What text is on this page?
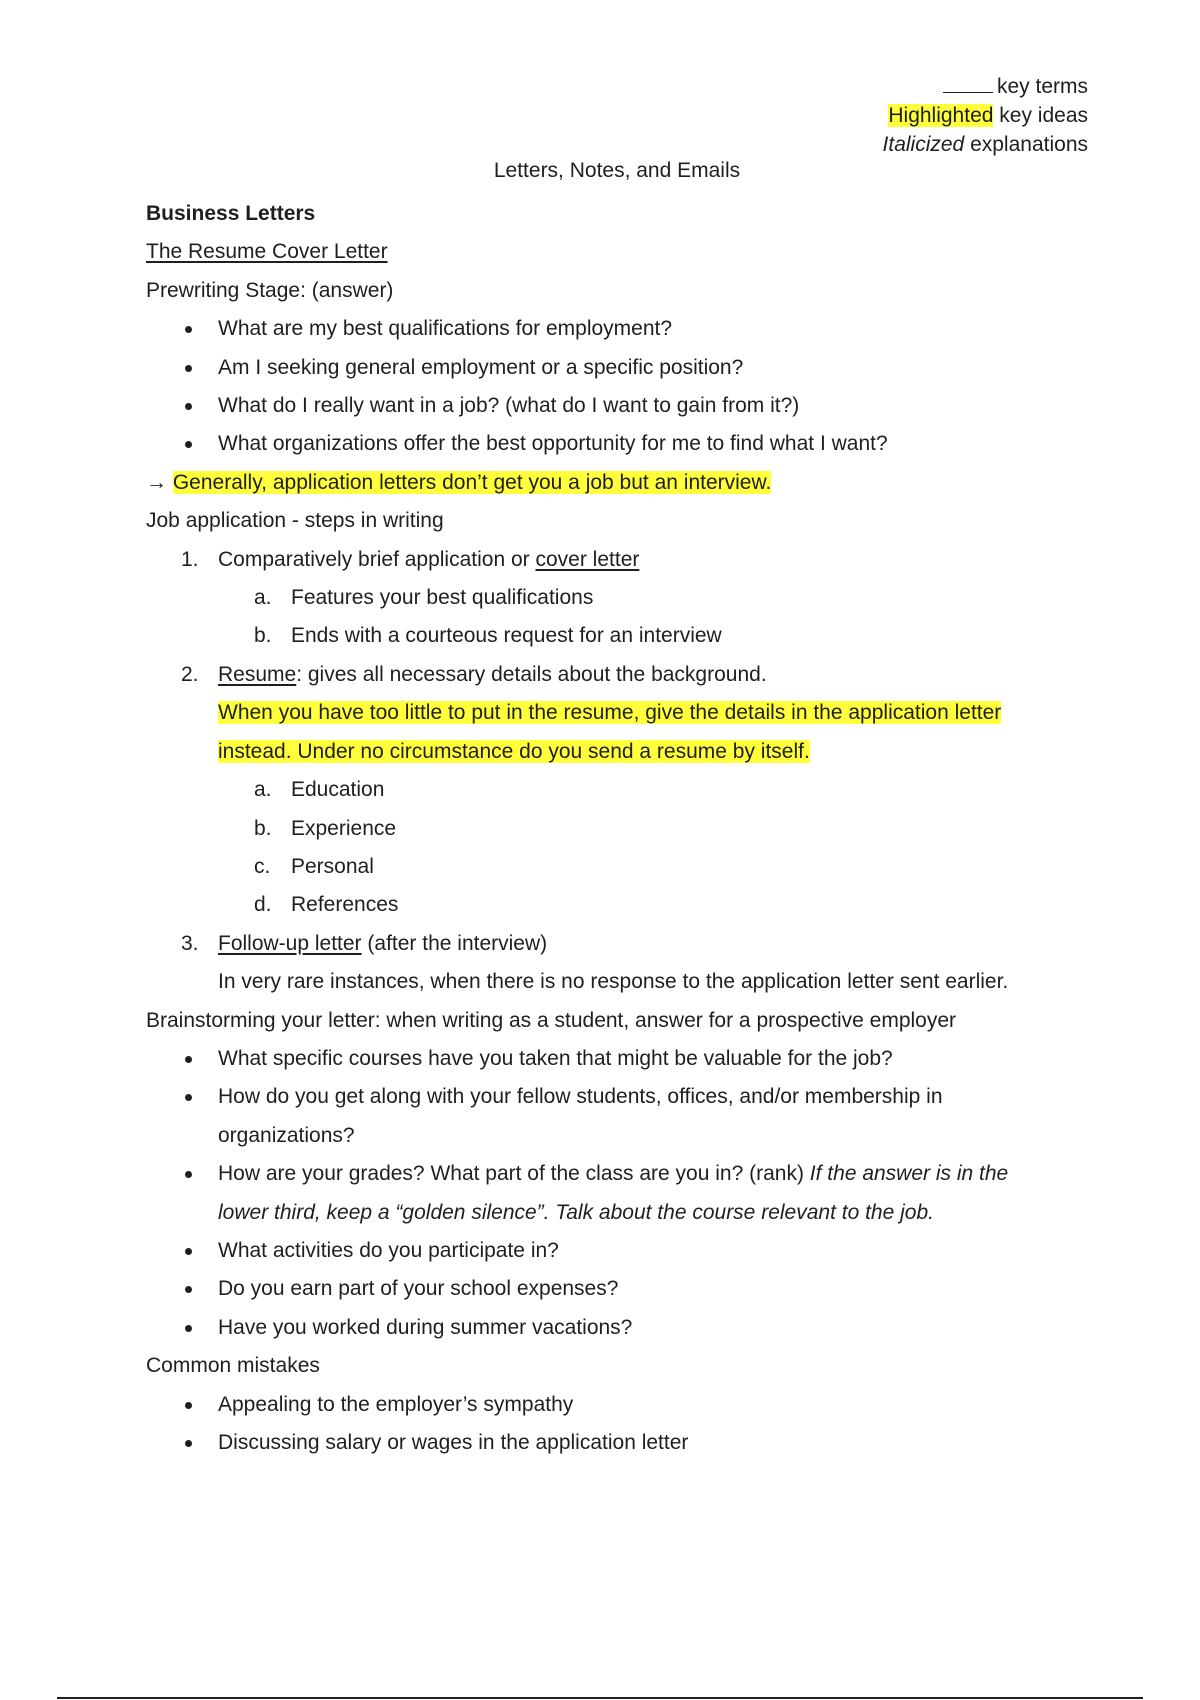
key terms
Highlighted key ideas
Italicized explanations
Letters, Notes, and Emails

Business Letters

The Resume Cover Letter

Prewriting Stage: (answer)

What are my best qualifications for employment?

Am I seeking general employment or a specific position?

What do I really want in a job? (what do I want to gain from it?)

What organizations offer the best opportunity for me to find what I want?

→ Generally, application letters don’t get you a job but an interview.

Job application - steps in writing

1. Comparatively brief application or cover letter

a. Features your best qualifications

b. Ends with a courteous request for an interview

2. Resume: gives all necessary details about the background.

When you have too little to put in the resume, give the details in the application letter

instead. Under no circumstance do you send a resume by itself.

a. Education

b. Experience

c. Personal

d. References

3. Follow-up letter (after the interview)

In very rare instances, when there is no response to the application letter sent earlier.

Brainstorming your letter: when writing as a student, answer for a prospective employer

What specific courses have you taken that might be valuable for the job?

How do you get along with your fellow students, offices, and/or membership in

organizations?

How are your grades? What part of the class are you in? (rank) If the answer is in the

lower third, keep a “golden silence”. Talk about the course relevant to the job.

What activities do you participate in?

Do you earn part of your school expenses?

Have you worked during summer vacations?

Common mistakes

Appealing to the employer’s sympathy

Discussing salary or wages in the application letter
